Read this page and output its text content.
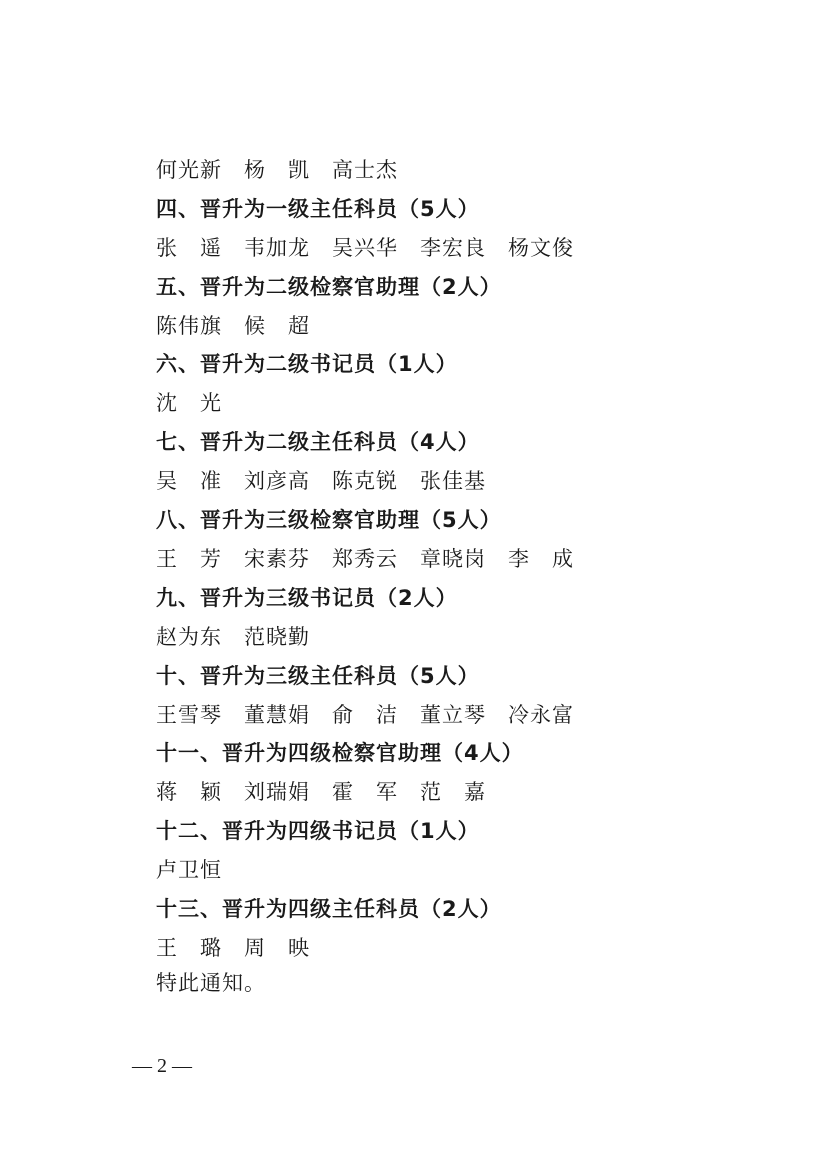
何光新　杨　凯　高士杰
四、晋升为一级主任科员（5人）
张　遥　韦加龙　吴兴华　李宏良　杨文俊
五、晋升为二级检察官助理（2人）
陈伟旗　候　超
六、晋升为二级书记员（1人）
沈　光
七、晋升为二级主任科员（4人）
吴　准　刘彦高　陈克锐　张佳基
八、晋升为三级检察官助理（5人）
王　芳　宋素芬　郑秀云　章晓岗　李　成
九、晋升为三级书记员（2人）
赵为东　范晓勤
十、晋升为三级主任科员（5人）
王雪琴　董慧娟　俞　洁　董立琴　冷永富
十一、晋升为四级检察官助理（4人）
蒋　颖　刘瑞娟　霍　军　范　嘉
十二、晋升为四级书记员（1人）
卢卫恒
十三、晋升为四级主任科员（2人）
王　璐　周　映
特此通知。
— 2 —
